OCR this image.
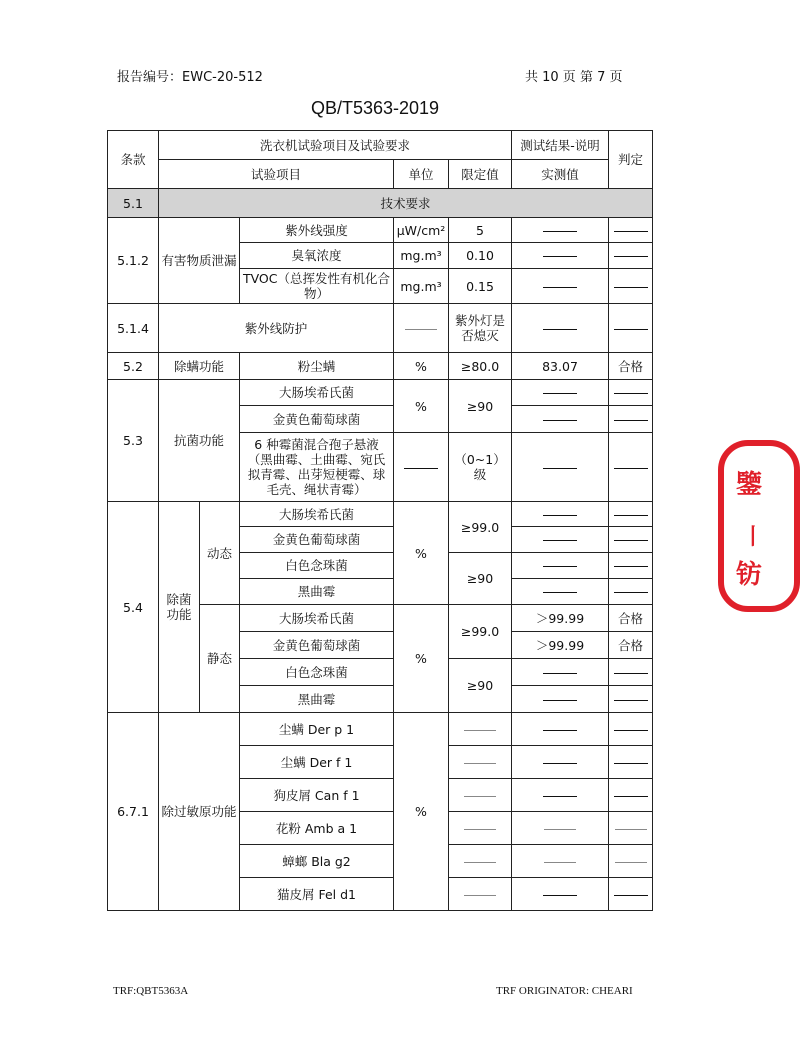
报告编号：EWC-20-512	共 10 页 第 7 页
QB/T5363-2019
条款	洗衣机试验项目及试验要求					测试结果-说明	判定
	试验项目			单位	限定值	实测值	
5.1	技术要求						
5.1.2	有害物质泄漏		紫外线强度	μW/cm²	5		
			臭氧浓度	mg.m³	0.10		
			TVOC（总挥发性有机化合物）	mg.m³	0.15		
5.1.4	紫外线防护				紫外灯是否熄灭		
5.2	除螨功能		粉尘螨	%	≥80.0	83.07	合格
5.3	抗菌功能		大肠埃希氏菌	%	≥90		
			金黄色葡萄球菌				
			6 种霉菌混合孢子悬液（黑曲霉、土曲霉、宛氏拟青霉、出芽短梗霉、球毛壳、绳状青霉）		（0~1）级		
5.4	除菌功能	动态	大肠埃希氏菌	%	≥99.0		
			金黄色葡萄球菌				
			白色念珠菌		≥90		
			黑曲霉				
		静态	大肠埃希氏菌	%	≥99.0	＞99.99	合格
			金黄色葡萄球菌			＞99.99	合格
			白色念珠菌		≥90		
			黑曲霉				
6.7.1	除过敏原功能		尘螨 Der p 1	%			
			尘螨 Der f 1				
			狗皮屑 Can f 1				
			花粉 Amb a 1				
			蟑螂 Bla g2				
			猫皮屑 Fel d1				
鑒
丨
钫
TRF:QBT5363A	TRF ORIGINATOR: CHEARI
